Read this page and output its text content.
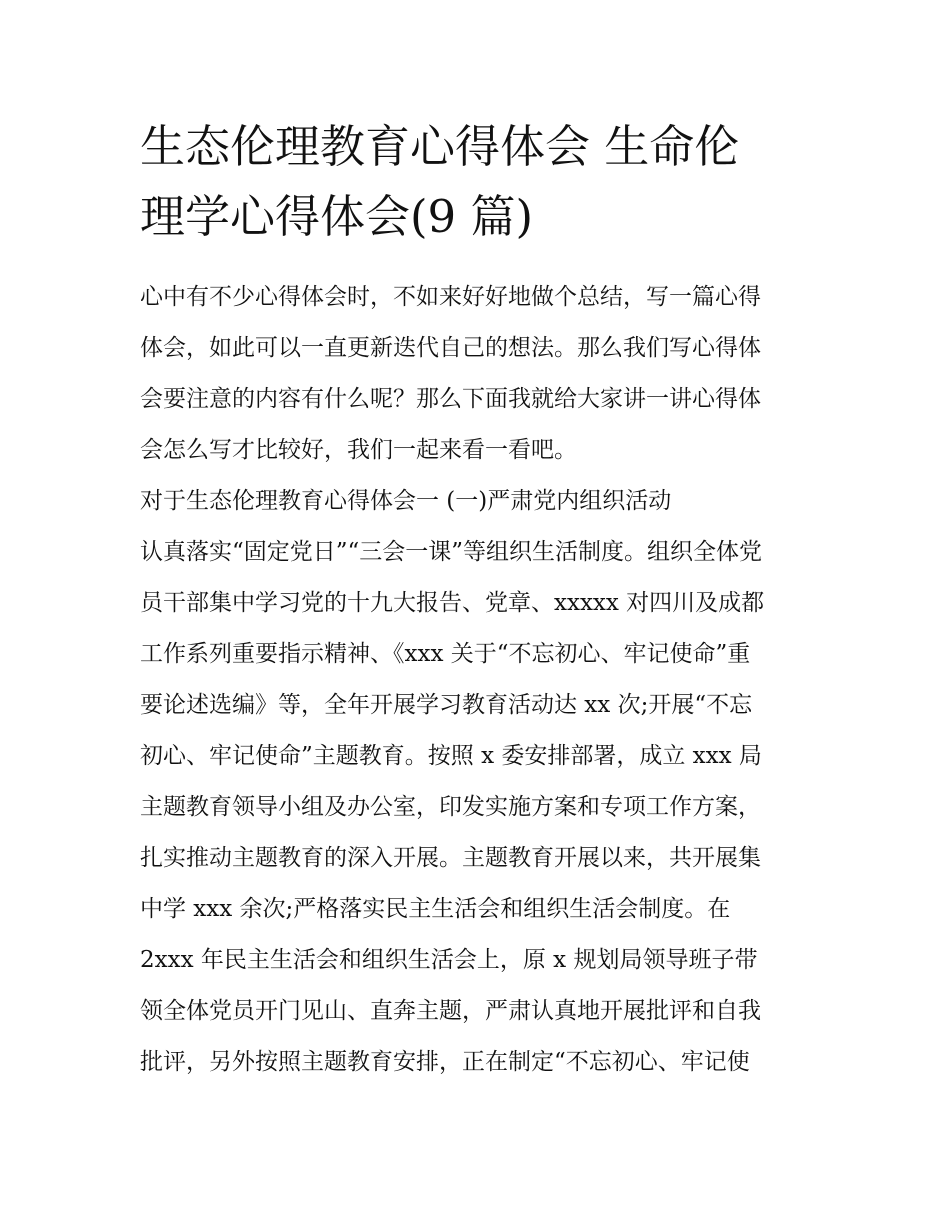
生态伦理教育心得体会 生命伦
理学心得体会(9 篇)
心中有不少心得体会时，不如来好好地做个总结，写一篇心得
体会，如此可以一直更新迭代自己的想法。那么我们写心得体
会要注意的内容有什么呢？那么下面我就给大家讲一讲心得体
会怎么写才比较好，我们一起来看一看吧。
对于生态伦理教育心得体会一 (一)严肃党内组织活动
认真落实“固定党日”“三会一课”等组织生活制度。组织全体党
员干部集中学习党的十九大报告、党章、xxxxx 对四川及成都
工作系列重要指示精神、《xxx 关于“不忘初心、牢记使命”重
要论述选编》等，全年开展学习教育活动达 xx 次;开展“不忘
初心、牢记使命”主题教育。按照 x 委安排部署，成立 xxx 局
主题教育领导小组及办公室，印发实施方案和专项工作方案，
扎实推动主题教育的深入开展。主题教育开展以来，共开展集
中学 xxx 余次;严格落实民主生活会和组织生活会制度。在
2xxx 年民主生活会和组织生活会上，原 x 规划局领导班子带
领全体党员开门见山、直奔主题，严肃认真地开展批评和自我
批评，另外按照主题教育安排，正在制定“不忘初心、牢记使
